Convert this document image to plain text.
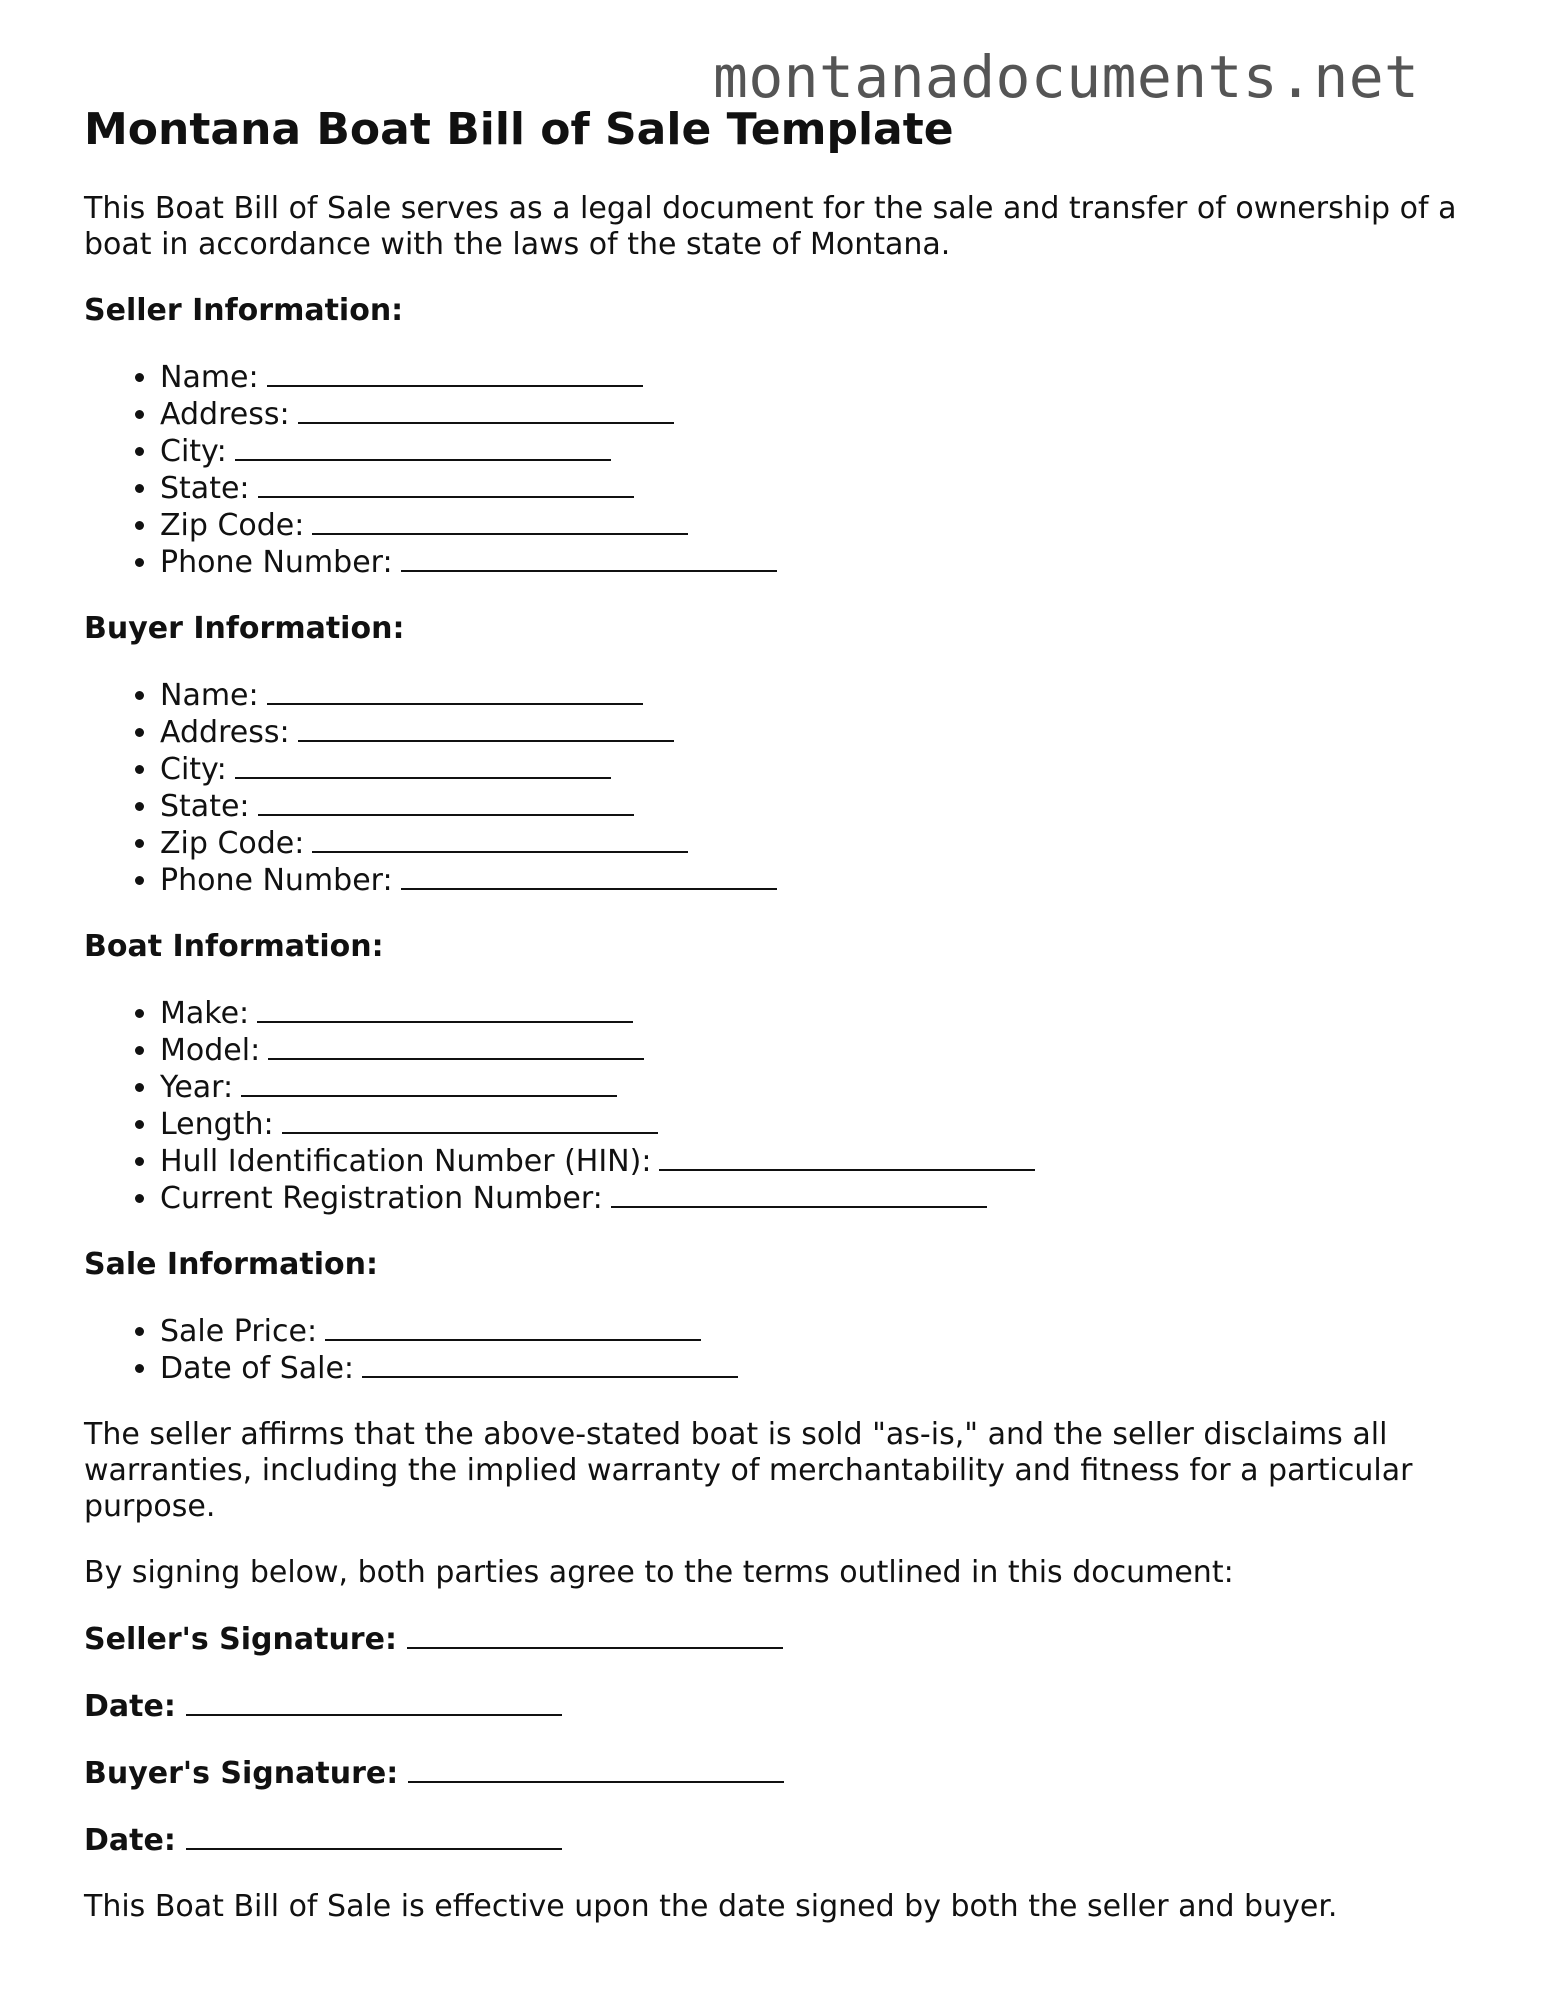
montanadocuments.net
Montana Boat Bill of Sale Template

This Boat Bill of Sale serves as a legal document for the sale and transfer of ownership of a boat in accordance with the laws of the state of Montana.

Seller Information:
• Name:
• Address:
• City:
• State:
• Zip Code:
• Phone Number:
Buyer Information:
• Name:
• Address:
• City:
• State:
• Zip Code:
• Phone Number:
Boat Information:
• Make:
• Model:
• Year:
• Length:
• Hull Identification Number (HIN):
• Current Registration Number:
Sale Information:
• Sale Price:
• Date of Sale:

The seller affirms that the above-stated boat is sold "as-is," and the seller disclaims all warranties, including the implied warranty of merchantability and fitness for a particular purpose.

By signing below, both parties agree to the terms outlined in this document:

Seller's Signature:
Date:
Buyer's Signature:
Date:

This Boat Bill of Sale is effective upon the date signed by both the seller and buyer.
